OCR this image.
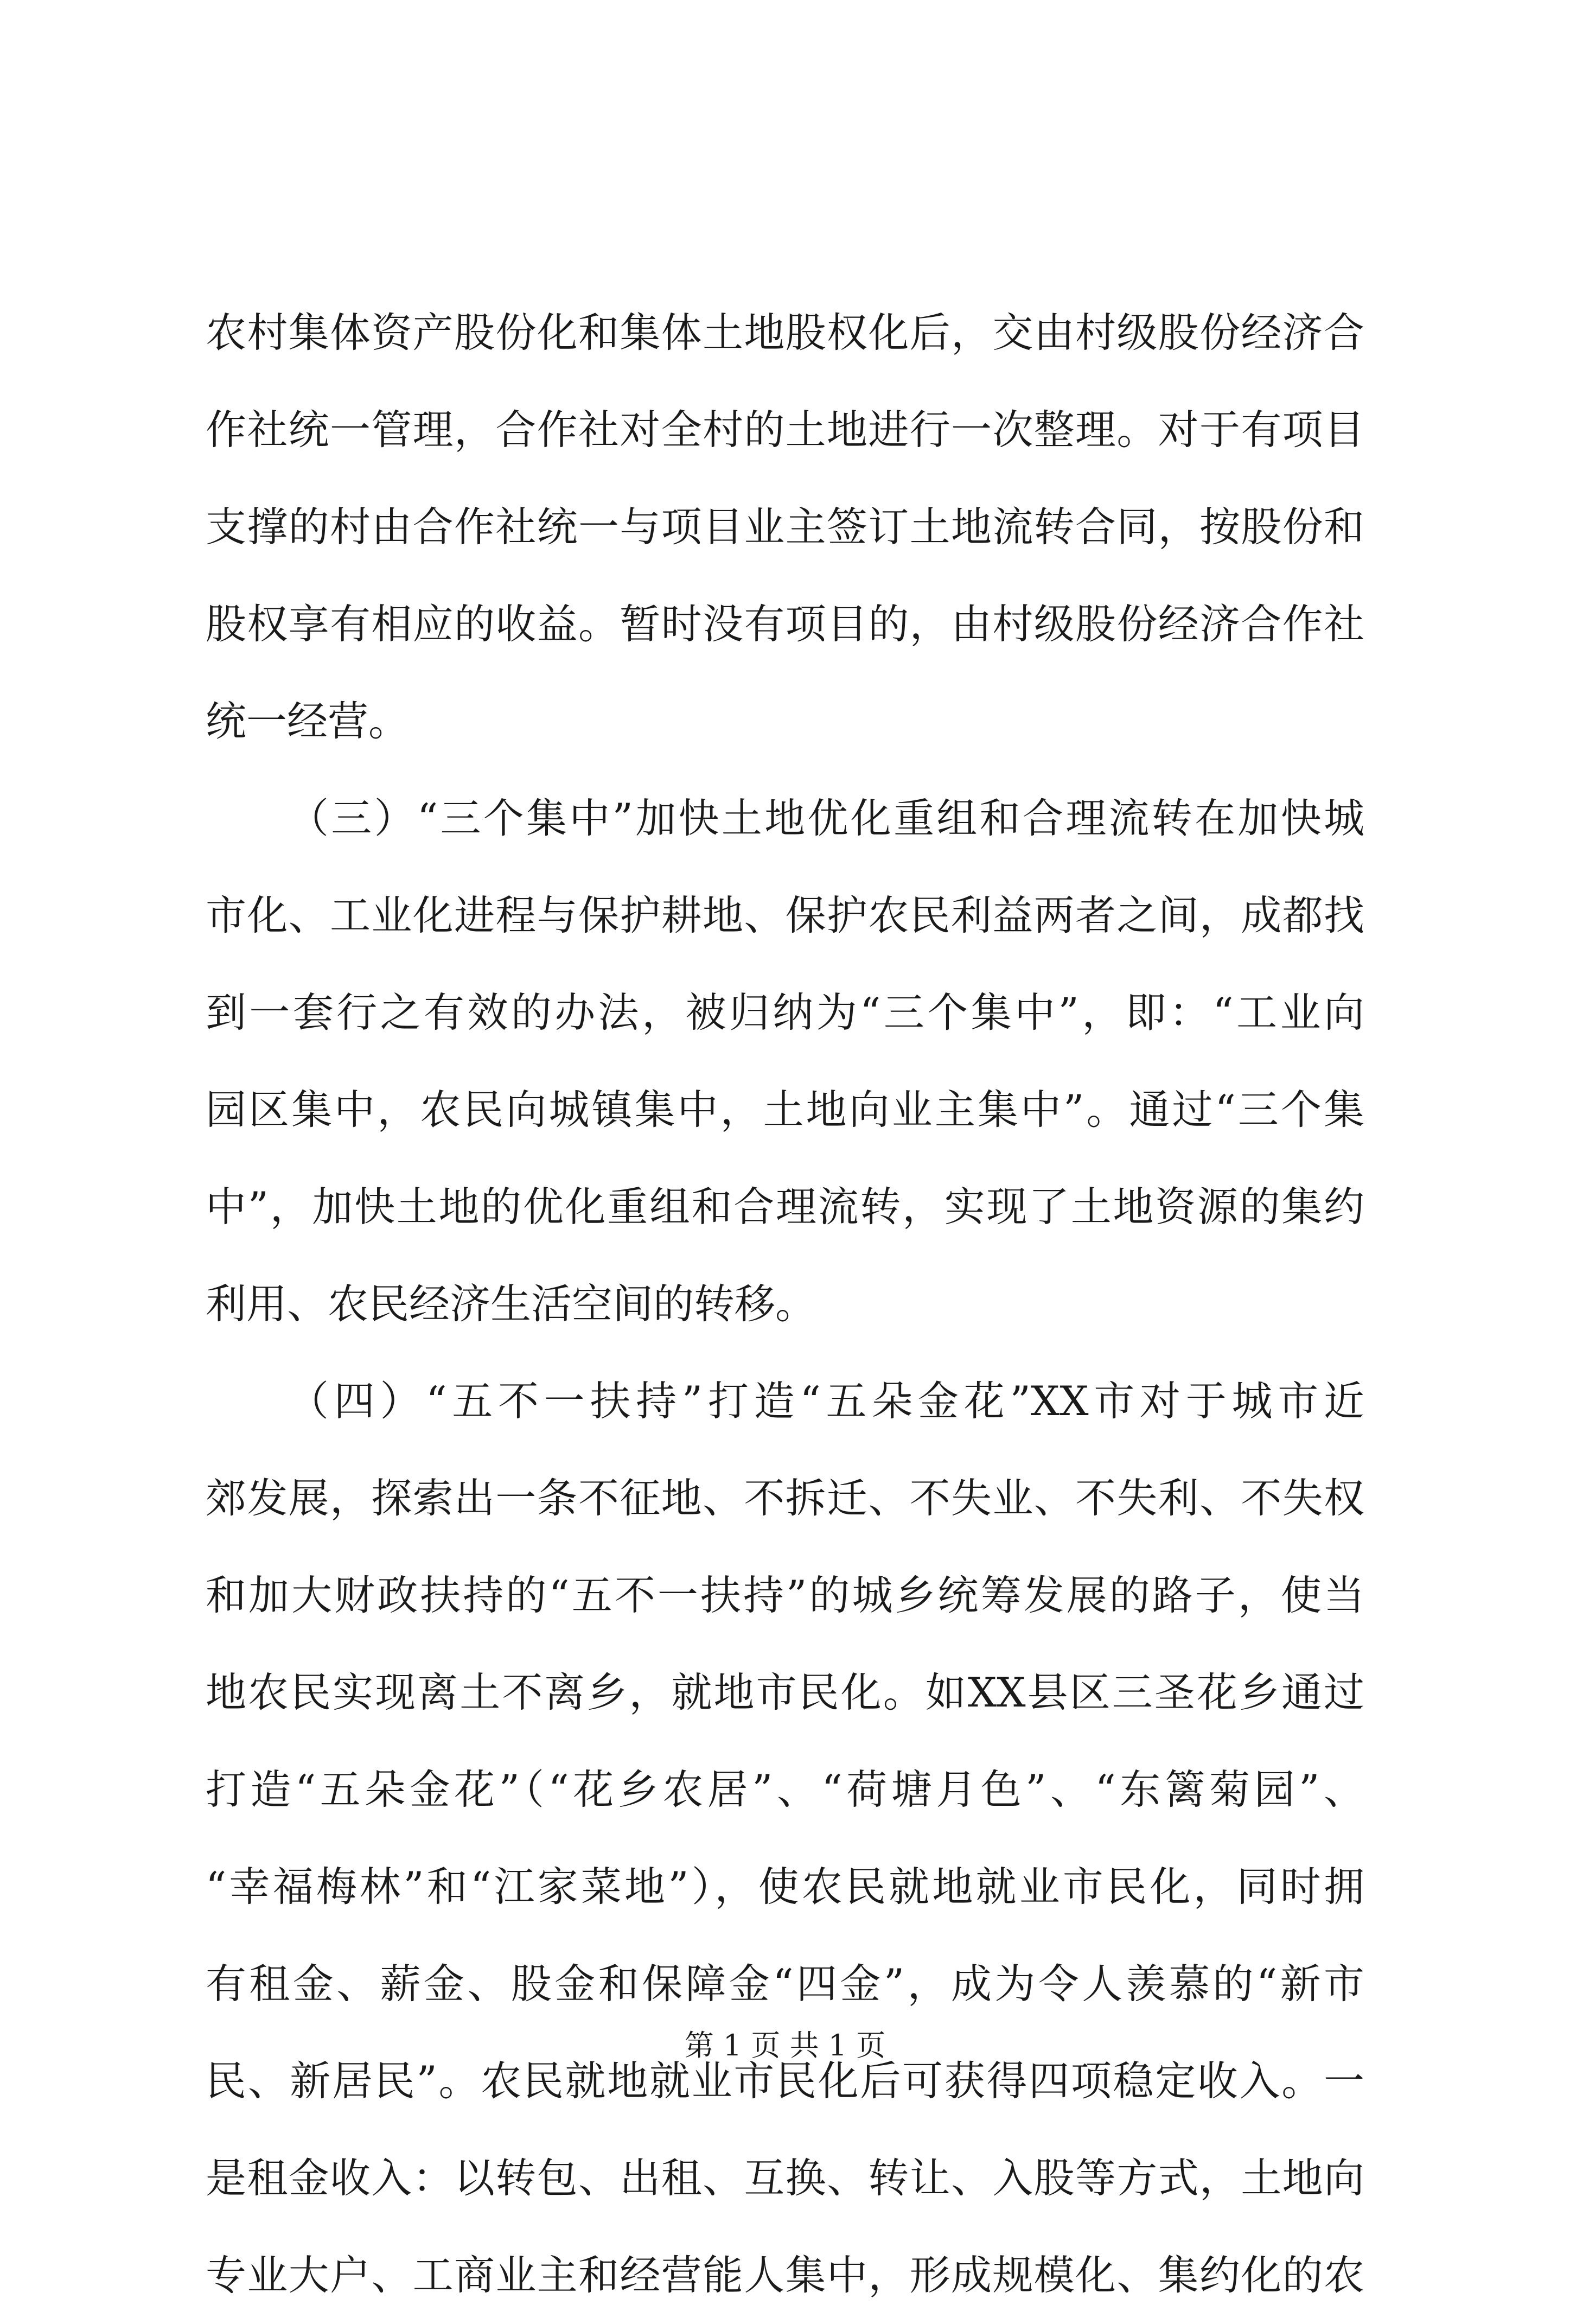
农村集体资产股份化和集体土地股权化后，交由村级股份经济合
作社统一管理，合作社对全村的土地进行一次整理。对于有项目
支撑的村由合作社统一与项目业主签订土地流转合同，按股份和
股权享有相应的收益。暂时没有项目的，由村级股份经济合作社
统一经营。
（三）“三个集中”加快土地优化重组和合理流转在加快城
市化、工业化进程与保护耕地、保护农民利益两者之间，成都找
到一套行之有效的办法，被归纳为“三个集中”，即：“工业向
园区集中，农民向城镇集中，土地向业主集中”。通过“三个集
中”，加快土地的优化重组和合理流转，实现了土地资源的集约
利用、农民经济生活空间的转移。
（四）“五不一扶持”打造“五朵金花”XX市对于城市近
郊发展，探索出一条不征地、不拆迁、不失业、不失利、不失权
和加大财政扶持的“五不一扶持”的城乡统筹发展的路子，使当
地农民实现离土不离乡，就地市民化。如XX县区三圣花乡通过
打造“五朵金花”（“花乡农居”、“荷塘月色”、“东篱菊园”、
“幸福梅林”和“江家菜地”），使农民就地就业市民化，同时拥
有租金、薪金、股金和保障金“四金”，成为令人羡慕的“新市
民、新居民”。农民就地就业市民化后可获得四项稳定收入。一
是租金收入：以转包、出租、互换、转让、入股等方式，土地向
专业大户、工商业主和经营能人集中，形成规模化、集约化的农
第 1 页 共 1 页
